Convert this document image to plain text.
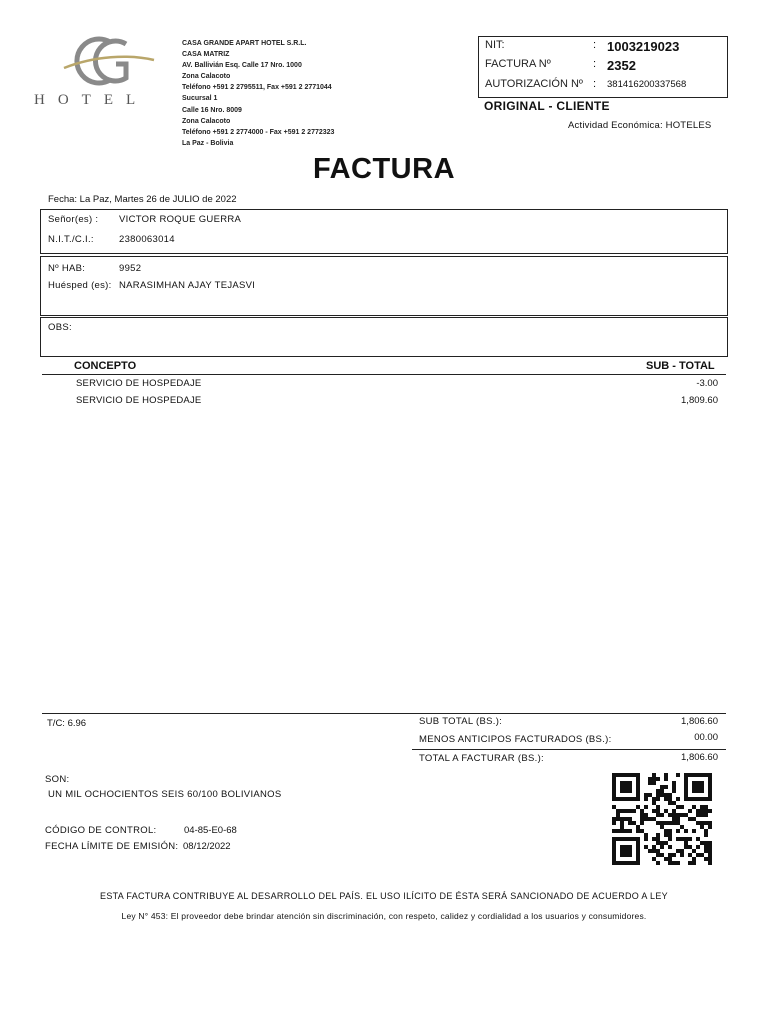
HOTEL
CASA GRANDE APART HOTEL S.R.L.
CASA MATRIZ
AV. Ballivián Esq. Calle 17 Nro. 1000
Zona Calacoto
Teléfono +591 2 2795511, Fax +591 2 2771044
Sucursal 1
Calle 16 Nro. 8009
Zona Calacoto
Teléfono +591 2 2774000 - Fax +591 2 2772323
La Paz - Bolivia
NIT:	: 1003219023
FACTURA Nº	: 2352
AUTORIZACIÓN Nº : 381416200337568
ORIGINAL - CLIENTE
Actividad Económica: HOTELES
FACTURA
Fecha: La Paz, Martes 26 de JULIO de 2022
Señor(es) : VICTOR ROQUE GUERRA
N.I.T./C.I.:	2380063014
Nº HAB:	9952
Huésped (es): NARASIMHAN AJAY TEJASVI
OBS:
CONCEPTO	SUB - TOTAL
SERVICIO DE HOSPEDAJE	-3.00
SERVICIO DE HOSPEDAJE	1,809.60
T/C: 6.96	SUB TOTAL (BS.):	1,806.60
MENOS ANTICIPOS FACTURADOS (BS.):	00.00
TOTAL A FACTURAR (BS.):	1,806.60
SON:
UN MIL OCHOCIENTOS SEIS 60/100 BOLIVIANOS
CÓDIGO DE CONTROL:	04-85-E0-68
FECHA LÍMITE DE EMISIÓN: 08/12/2022
ESTA FACTURA CONTRIBUYE AL DESARROLLO DEL PAÍS. EL USO ILÍCITO DE ÉSTA SERÁ SANCIONADO DE ACUERDO A LEY
Ley N° 453: El proveedor debe brindar atención sin discriminación, con respeto, calidez y cordialidad a los usuarios y consumidores.
